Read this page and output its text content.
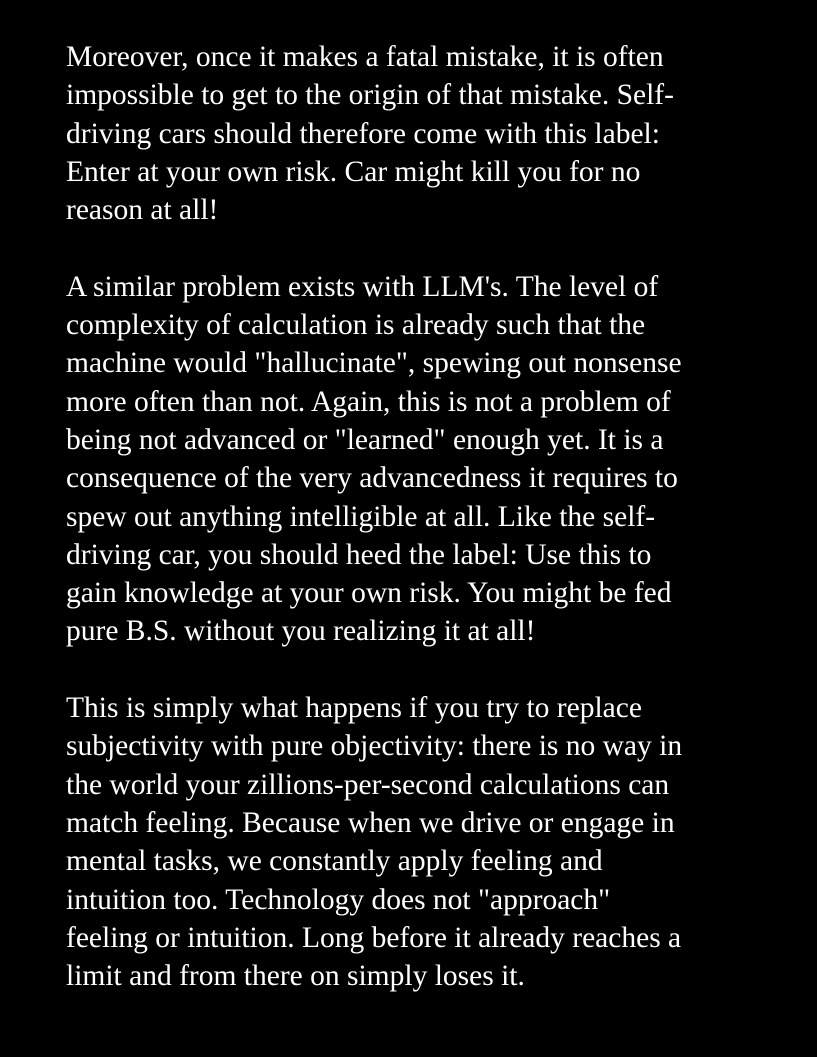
Moreover, once it makes a fatal mistake, it is often
impossible to get to the origin of that mistake. Self-
driving cars should therefore come with this label:
Enter at your own risk. Car might kill you for no
reason at all!

A similar problem exists with LLM's. The level of
complexity of calculation is already such that the
machine would "hallucinate", spewing out nonsense
more often than not. Again, this is not a problem of
being not advanced or "learned" enough yet. It is a
consequence of the very advancedness it requires to
spew out anything intelligible at all. Like the self-
driving car, you should heed the label: Use this to
gain knowledge at your own risk. You might be fed
pure B.S. without you realizing it at all!

This is simply what happens if you try to replace
subjectivity with pure objectivity: there is no way in
the world your zillions-per-second calculations can
match feeling. Because when we drive or engage in
mental tasks, we constantly apply feeling and
intuition too. Technology does not "approach"
feeling or intuition. Long before it already reaches a
limit and from there on simply loses it.
